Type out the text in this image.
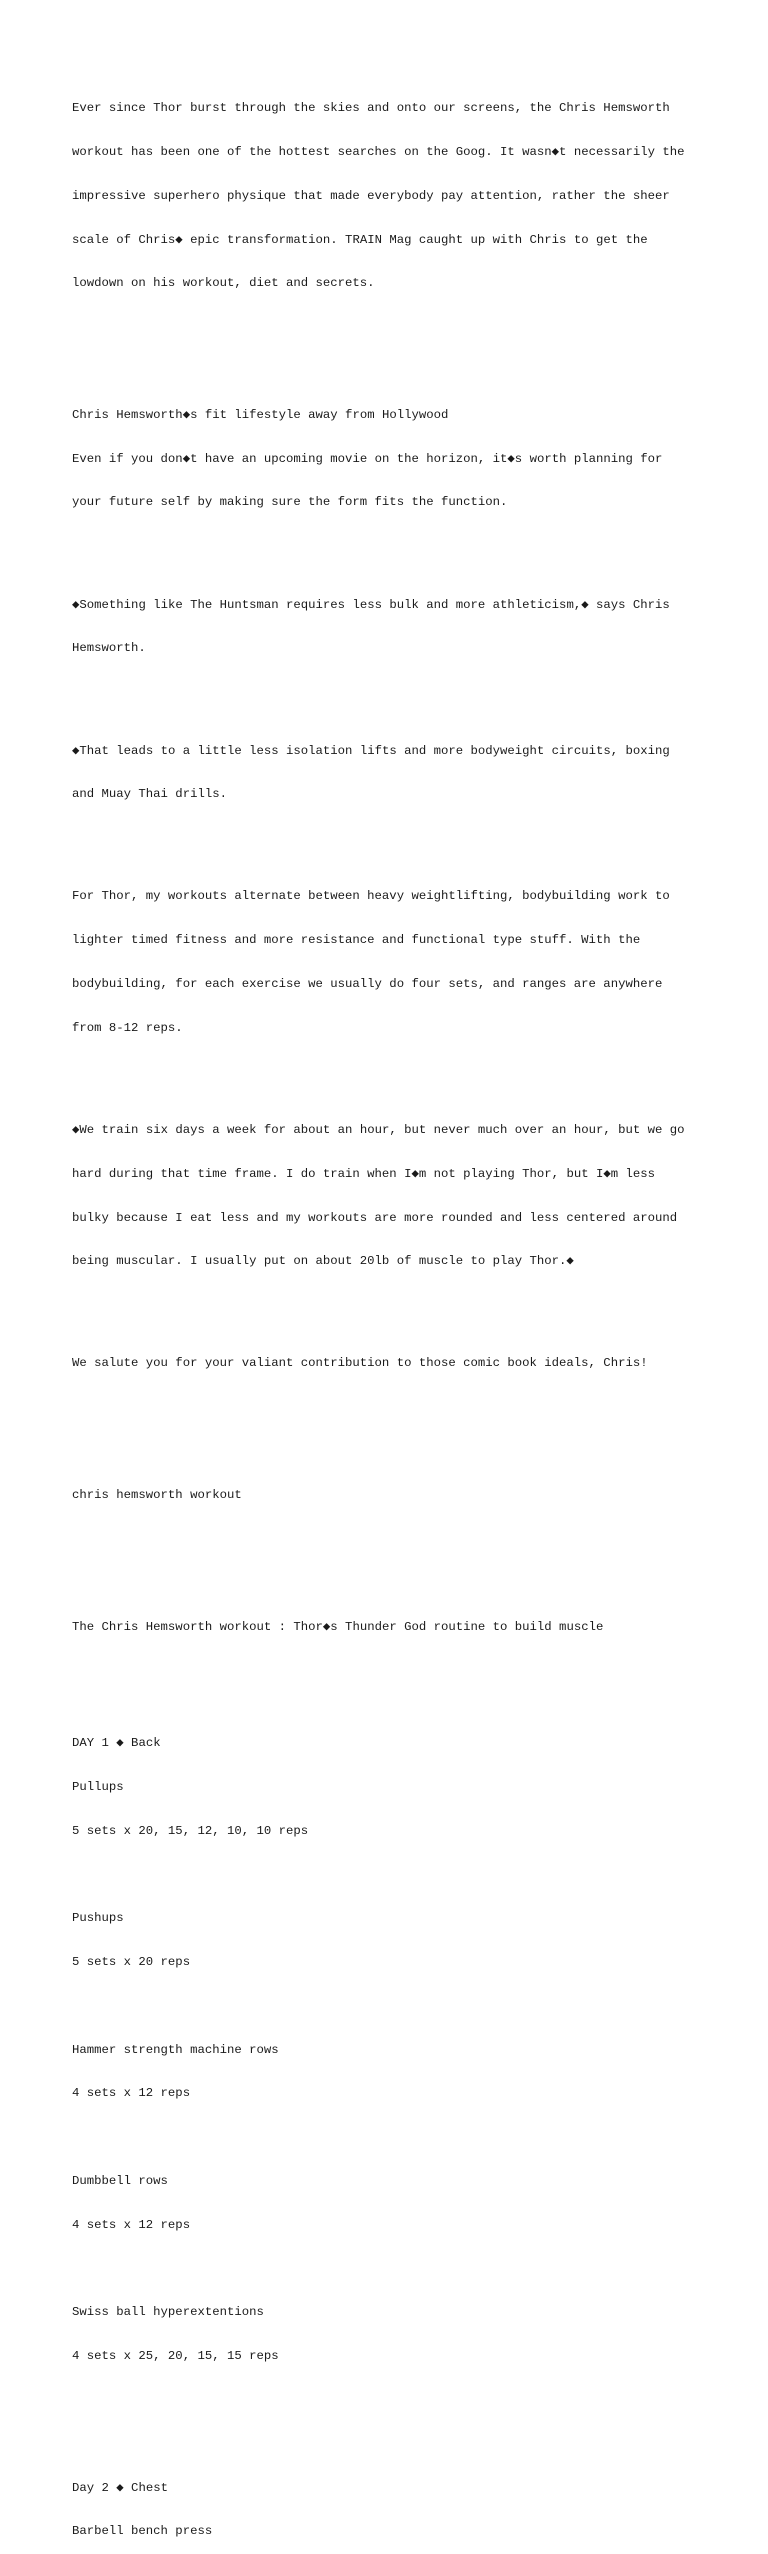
Ever since Thor burst through the skies and onto our screens, the Chris Hemsworth

workout has been one of the hottest searches on the Goog. It wasn◆t necessarily the

impressive superhero physique that made everybody pay attention, rather the sheer

scale of Chris◆ epic transformation. TRAIN Mag caught up with Chris to get the

lowdown on his workout, diet and secrets.

Chris Hemsworth◆s fit lifestyle away from Hollywood

Even if you don◆t have an upcoming movie on the horizon, it◆s worth planning for

your future self by making sure the form fits the function.

◆Something like The Huntsman requires less bulk and more athleticism,◆ says Chris

Hemsworth.

◆That leads to a little less isolation lifts and more bodyweight circuits, boxing

and Muay Thai drills.

For Thor, my workouts alternate between heavy weightlifting, bodybuilding work to

lighter timed fitness and more resistance and functional type stuff. With the

bodybuilding, for each exercise we usually do four sets, and ranges are anywhere

from 8-12 reps.

◆We train six days a week for about an hour, but never much over an hour, but we go

hard during that time frame. I do train when I◆m not playing Thor, but I◆m less

bulky because I eat less and my workouts are more rounded and less centered around

being muscular. I usually put on about 20lb of muscle to play Thor.◆

We salute you for your valiant contribution to those comic book ideals, Chris!

chris hemsworth workout

The Chris Hemsworth workout : Thor◆s Thunder God routine to build muscle

DAY 1 ◆ Back

Pullups

5 sets x 20, 15, 12, 10, 10 reps

Pushups

5 sets x 20 reps

Hammer strength machine rows

4 sets x 12 reps

Dumbbell rows

4 sets x 12 reps

Swiss ball hyperextentions

4 sets x 25, 20, 15, 15 reps

Day 2 ◆ Chest

Barbell bench press
